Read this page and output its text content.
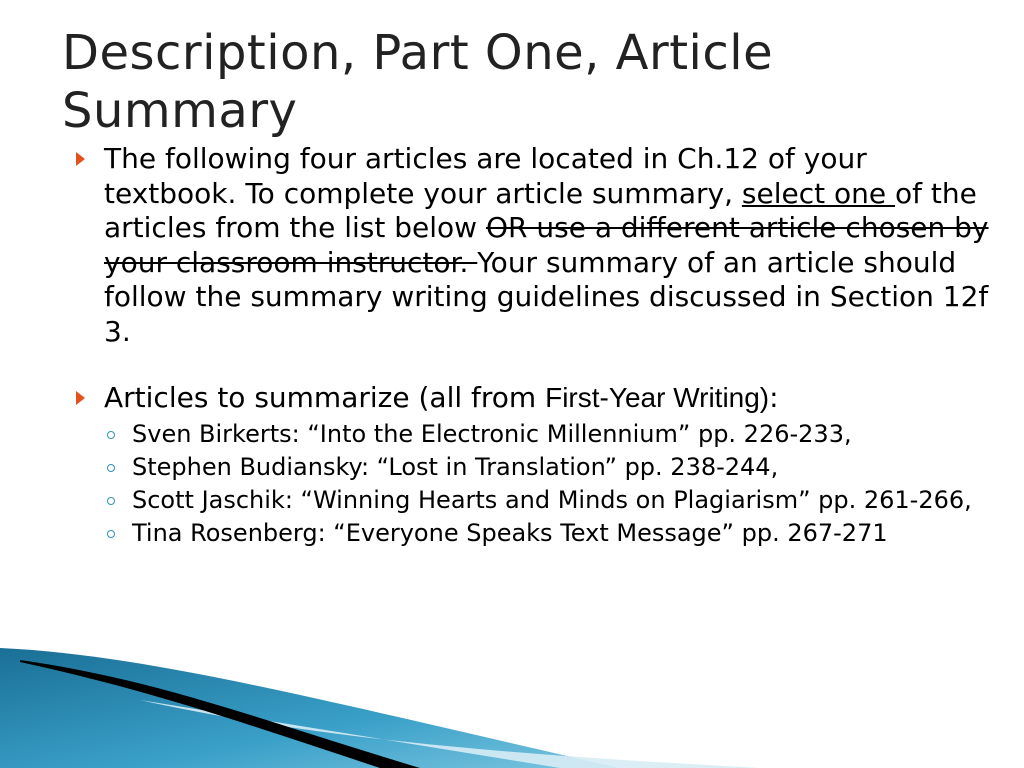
Description, Part One, Article Summary

The following four articles are located in Ch.12 of your textbook. To complete your article summary, select one of the articles from the list below OR use a different article chosen by your classroom instructor. Your summary of an article should follow the summary writing guidelines discussed in Section 12f 3.

Articles to summarize (all from First-Year Writing):

Sven Birkerts: “Into the Electronic Millennium” pp. 226-233,
Stephen Budiansky: “Lost in Translation” pp. 238-244,
Scott Jaschik: “Winning Hearts and Minds on Plagiarism” pp. 261-266,
Tina Rosenberg: “Everyone Speaks Text Message” pp. 267-271
